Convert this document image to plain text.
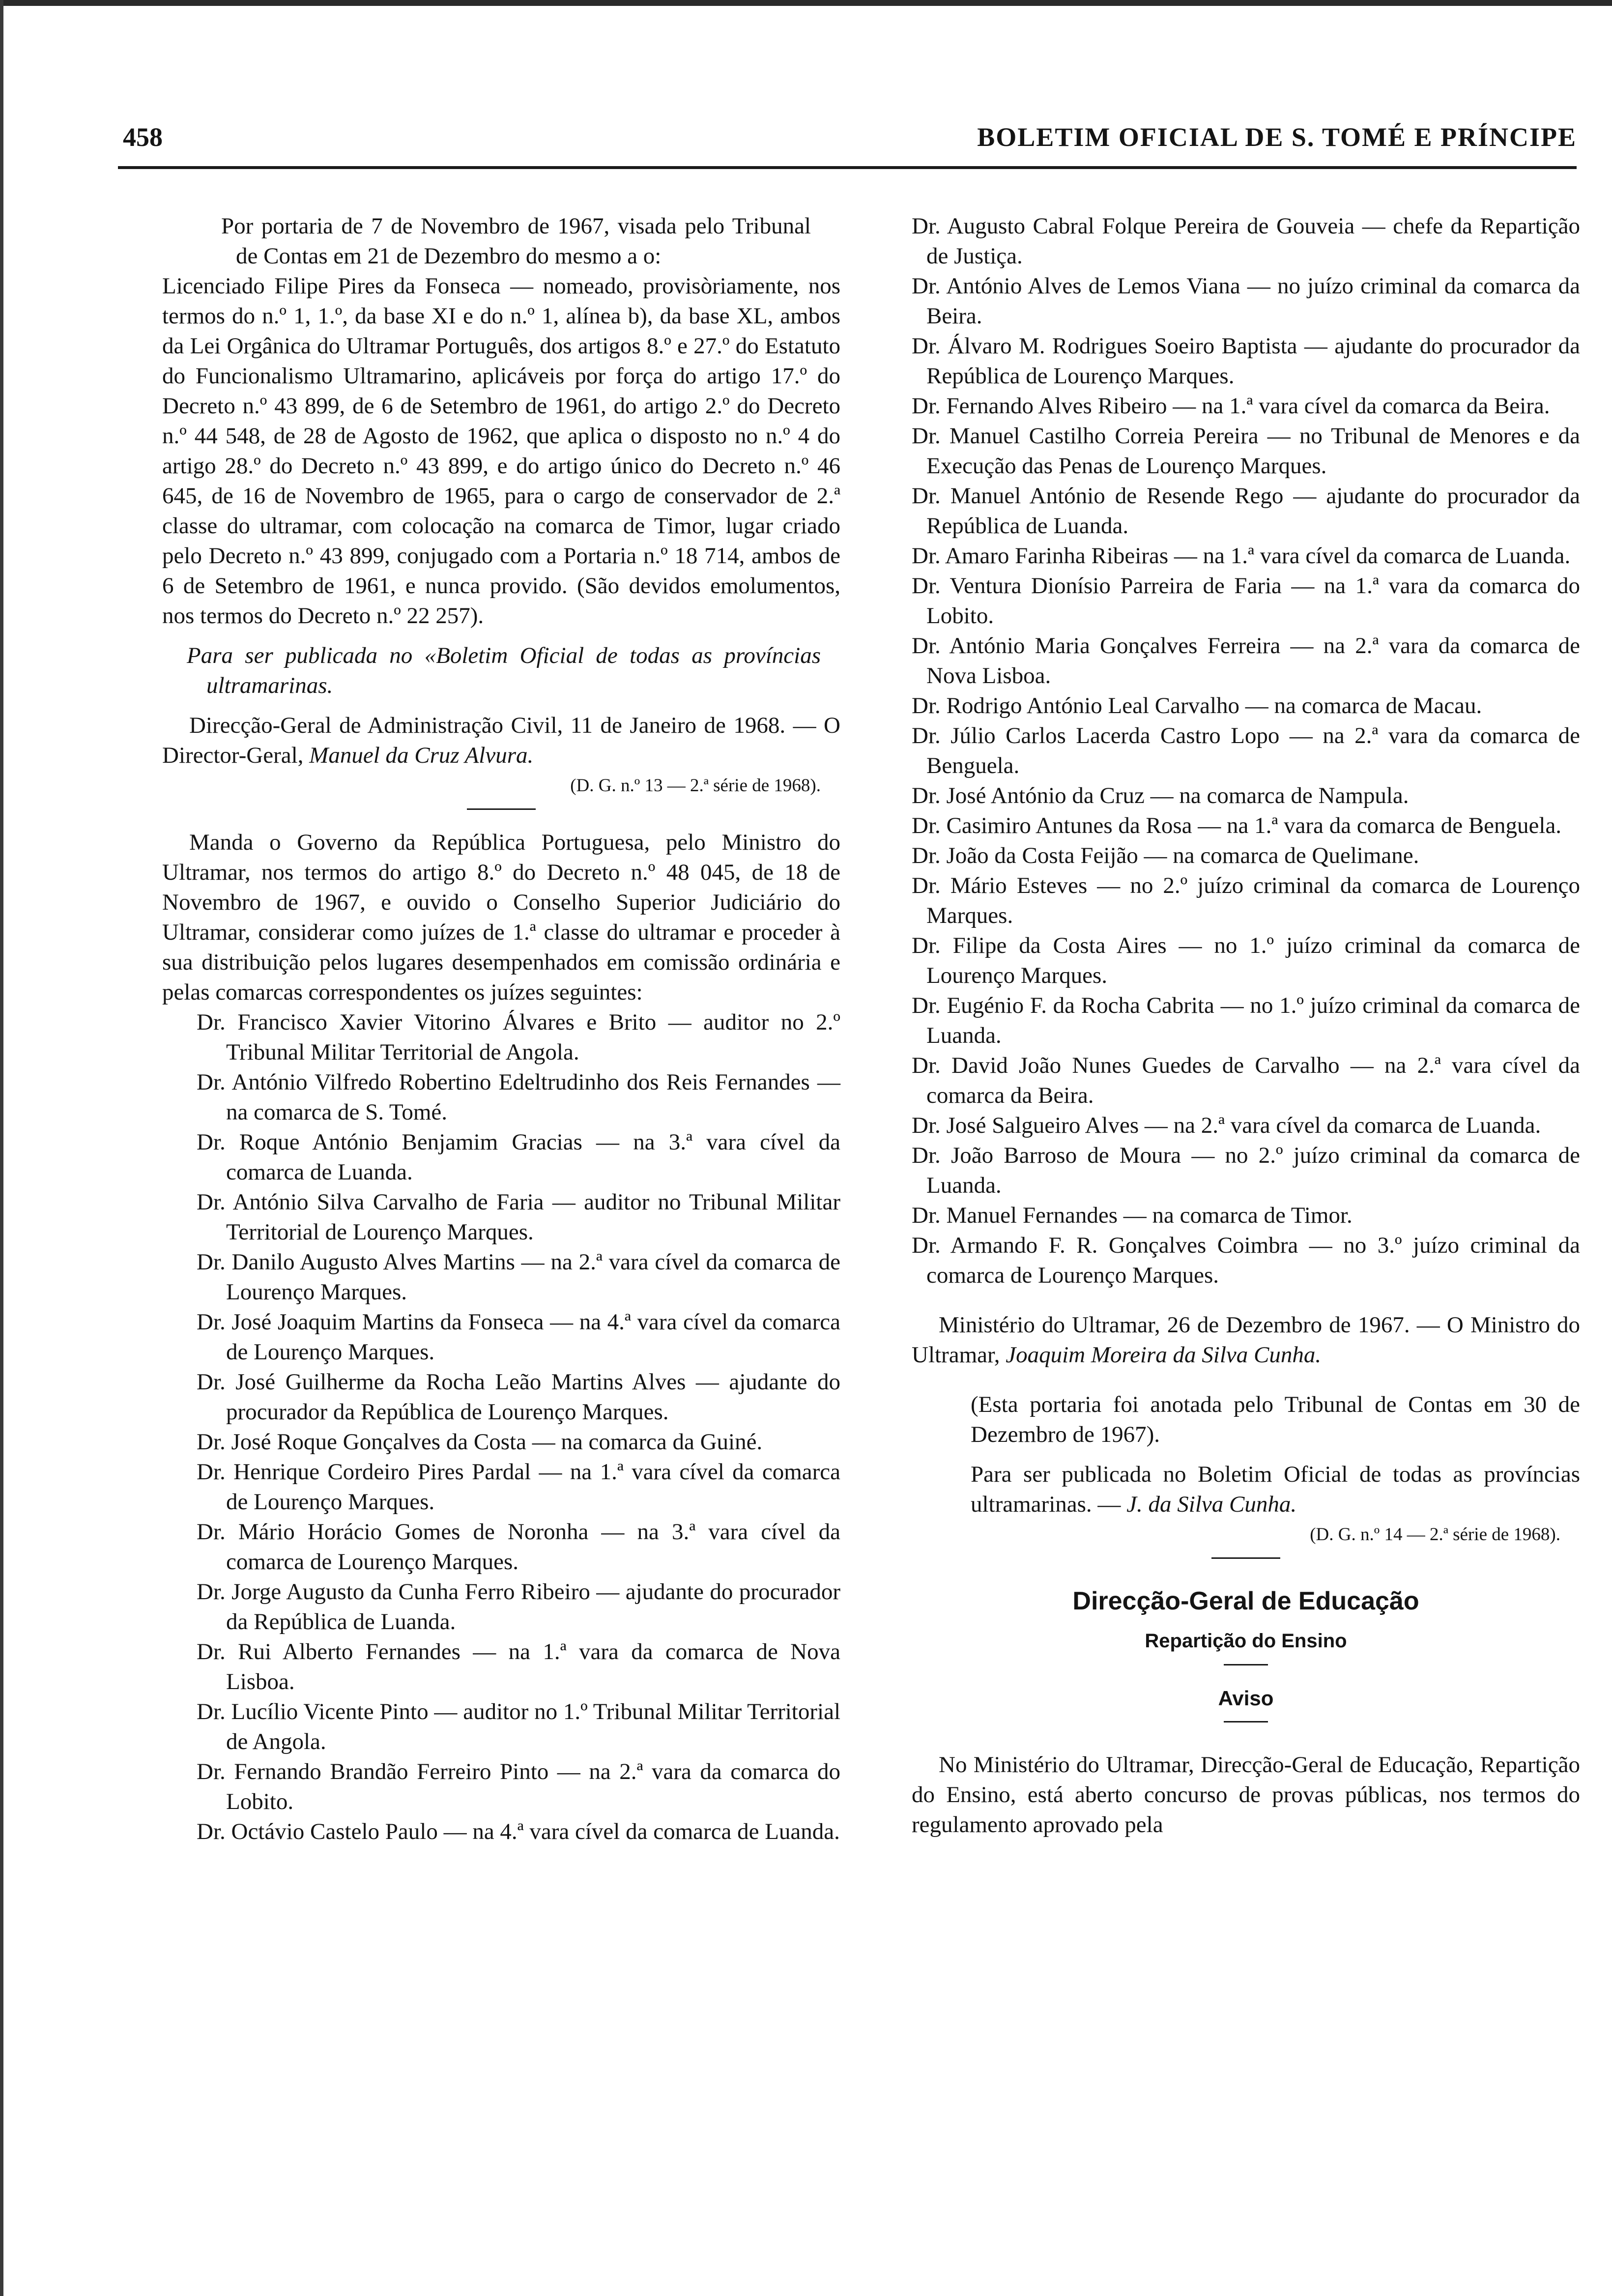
458	BOLETIM OFICIAL DE S. TOMÉ E PRÍNCIPE

Por portaria de 7 de Novembro de 1967, visada pelo Tribunal de Contas em 21 de Dezembro do mesmo a o:

Licenciado Filipe Pires da Fonseca — nomeado, provisòriamente, nos termos do n.º 1, 1.º, da base XI e do n.º 1, alínea b), da base XL, ambos da Lei Orgânica do Ultramar Português, dos artigos 8.º e 27.º do Estatuto do Funcionalismo Ultramarino, aplicáveis por força do artigo 17.º do Decreto n.º 43 899, de 6 de Setembro de 1961, do artigo 2.º do Decreto n.º 44 548, de 28 de Agosto de 1962, que aplica o disposto no n.º 4 do artigo 28.º do Decreto n.º 43 899, e do artigo único do Decreto n.º 46 645, de 16 de Novembro de 1965, para o cargo de conservador de 2.ª classe do ultramar, com colocação na comarca de Timor, lugar criado pelo Decreto n.º 43 899, conjugado com a Portaria n.º 18 714, ambos de 6 de Setembro de 1961, e nunca provido. (São devidos emolumentos, nos termos do Decreto n.º 22 257).

Para ser publicada no «Boletim Oficial de todas as províncias ultramarinas.

Direcção-Geral de Administração Civil, 11 de Janeiro de 1968. — O Director-Geral, Manuel da Cruz Alvura.

(D. G. n.º 13 — 2.ª série de 1968).

Manda o Governo da República Portuguesa, pelo Ministro do Ultramar, nos termos do artigo 8.º do Decreto n.º 48 045, de 18 de Novembro de 1967, e ouvido o Conselho Superior Judiciário do Ultramar, considerar como juízes de 1.ª classe do ultramar e proceder à sua distribuição pelos lugares desempenhados em comissão ordinária e pelas comarcas correspondentes os juízes seguintes:

Dr. Francisco Xavier Vitorino Álvares e Brito — auditor no 2.º Tribunal Militar Territorial de Angola.
Dr. António Vilfredo Robertino Edeltrudinho dos Reis Fernandes — na comarca de S. Tomé.
Dr. Roque António Benjamim Gracias — na 3.ª vara cível da comarca de Luanda.
Dr. António Silva Carvalho de Faria — auditor no Tribunal Militar Territorial de Lourenço Marques.
Dr. Danilo Augusto Alves Martins — na 2.ª vara cível da comarca de Lourenço Marques.
Dr. José Joaquim Martins da Fonseca — na 4.ª vara cível da comarca de Lourenço Marques.
Dr. José Guilherme da Rocha Leão Martins Alves — ajudante do procurador da República de Lourenço Marques.
Dr. José Roque Gonçalves da Costa — na comarca da Guiné.
Dr. Henrique Cordeiro Pires Pardal — na 1.ª vara cível da comarca de Lourenço Marques.
Dr. Mário Horácio Gomes de Noronha — na 3.ª vara cível da comarca de Lourenço Marques.
Dr. Jorge Augusto da Cunha Ferro Ribeiro — ajudante do procurador da República de Luanda.
Dr. Rui Alberto Fernandes — na 1.ª vara da comarca de Nova Lisboa.
Dr. Lucílio Vicente Pinto — auditor no 1.º Tribunal Militar Territorial de Angola.
Dr. Fernando Brandão Ferreiro Pinto — na 2.ª vara da comarca do Lobito.
Dr. Octávio Castelo Paulo — na 4.ª vara cível da comarca de Luanda.
Dr. Augusto Cabral Folque Pereira de Gouveia — chefe da Repartição de Justiça.
Dr. António Alves de Lemos Viana — no juízo criminal da comarca da Beira.
Dr. Álvaro M. Rodrigues Soeiro Baptista — ajudante do procurador da República de Lourenço Marques.
Dr. Fernando Alves Ribeiro — na 1.ª vara cível da comarca da Beira.
Dr. Manuel Castilho Correia Pereira — no Tribunal de Menores e da Execução das Penas de Lourenço Marques.
Dr. Manuel António de Resende Rego — ajudante do procurador da República de Luanda.
Dr. Amaro Farinha Ribeiras — na 1.ª vara cível da comarca de Luanda.
Dr. Ventura Dionísio Parreira de Faria — na 1.ª vara da comarca do Lobito.
Dr. António Maria Gonçalves Ferreira — na 2.ª vara da comarca de Nova Lisboa.
Dr. Rodrigo António Leal Carvalho — na comarca de Macau.
Dr. Júlio Carlos Lacerda Castro Lopo — na 2.ª vara da comarca de Benguela.
Dr. José António da Cruz — na comarca de Nampula.
Dr. Casimiro Antunes da Rosa — na 1.ª vara da comarca de Benguela.
Dr. João da Costa Feijão — na comarca de Quelimane.
Dr. Mário Esteves — no 2.º juízo criminal da comarca de Lourenço Marques.
Dr. Filipe da Costa Aires — no 1.º juízo criminal da comarca de Lourenço Marques.
Dr. Eugénio F. da Rocha Cabrita — no 1.º juízo criminal da comarca de Luanda.
Dr. David João Nunes Guedes de Carvalho — na 2.ª vara cível da comarca da Beira.
Dr. José Salgueiro Alves — na 2.ª vara cível da comarca de Luanda.
Dr. João Barroso de Moura — no 2.º juízo criminal da comarca de Luanda.
Dr. Manuel Fernandes — na comarca de Timor.
Dr. Armando F. R. Gonçalves Coimbra — no 3.º juízo criminal da comarca de Lourenço Marques.

Ministério do Ultramar, 26 de Dezembro de 1967. — O Ministro do Ultramar, Joaquim Moreira da Silva Cunha.

(Esta portaria foi anotada pelo Tribunal de Contas em 30 de Dezembro de 1967).

Para ser publicada no Boletim Oficial de todas as províncias ultramarinas. — J. da Silva Cunha.

(D. G. n.º 14 — 2.ª série de 1968).

Direcção-Geral de Educação

Repartição do Ensino

Aviso

No Ministério do Ultramar, Direcção-Geral de Educação, Repartição do Ensino, está aberto concurso de provas públicas, nos termos do regulamento aprovado pela
